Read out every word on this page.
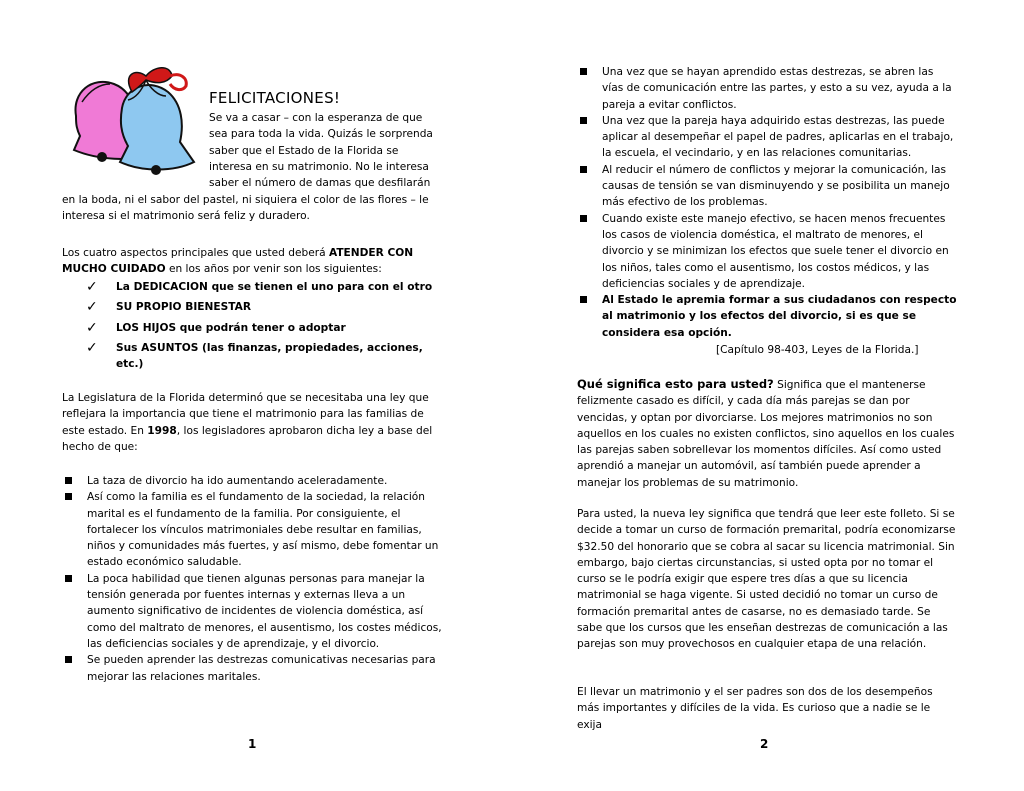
FELICITACIONES!

Se va a casar – con la esperanza de que sea para toda la vida. Quizás le sorprenda saber que el Estado de la Florida se interesa en su matrimonio. No le interesa saber el número de damas que desfilarán

en la boda, ni el sabor del pastel, ni siquiera el color de las flores – le interesa si el matrimonio será feliz y duradero.

Los cuatro aspectos principales que usted deberá ATENDER CON MUCHO CUIDADO en los años por venir son los siguientes:

✓ La DEDICACION que se tienen el uno para con el otro
✓ SU PROPIO BIENESTAR
✓ LOS HIJOS que podrán tener o adoptar
✓ Sus ASUNTOS (las finanzas, propiedades, acciones, etc.)

La Legislatura de la Florida determinó que se necesitaba una ley que reflejara la importancia que tiene el matrimonio para las familias de este estado. En 1998, los legisladores aprobaron dicha ley a base del hecho de que:

La taza de divorcio ha ido aumentando aceleradamente.
Así como la familia es el fundamento de la sociedad, la relación marital es el fundamento de la familia. Por consiguiente, el fortalecer los vínculos matrimoniales debe resultar en familias, niños y comunidades más fuertes, y así mismo, debe fomentar un estado económico saludable.
La poca habilidad que tienen algunas personas para manejar la tensión generada por fuentes internas y externas lleva a un aumento significativo de incidentes de violencia doméstica, así como del maltrato de menores, el ausentismo, los costes médicos, las deficiencias sociales y de aprendizaje, y el divorcio.
Se pueden aprender las destrezas comunicativas necesarias para mejorar las relaciones maritales.
1
Una vez que se hayan aprendido estas destrezas, se abren las vías de comunicación entre las partes, y esto a su vez, ayuda a la pareja a evitar conflictos.
Una vez que la pareja haya adquirido estas destrezas, las puede aplicar al desempeñar el papel de padres, aplicarlas en el trabajo, la escuela, el vecindario, y en las relaciones comunitarias.
Al reducir el número de conflictos y mejorar la comunicación, las causas de tensión se van disminuyendo y se posibilita un manejo más efectivo de los problemas.
Cuando existe este manejo efectivo, se hacen menos frecuentes los casos de violencia doméstica, el maltrato de menores, el divorcio y se minimizan los efectos que suele tener el divorcio en los niños, tales como el ausentismo, los costos médicos, y las deficiencias sociales y de aprendizaje.
Al Estado le apremia formar a sus ciudadanos con respecto al matrimonio y los efectos del divorcio, si es que se considera esa opción.
[Capítulo 98-403, Leyes de la Florida.]

Qué significa esto para usted? Significa que el mantenerse felizmente casado es difícil, y cada día más parejas se dan por vencidas, y optan por divorciarse. Los mejores matrimonios no son aquellos en los cuales no existen conflictos, sino aquellos en los cuales las parejas saben sobrellevar los momentos difíciles. Así como usted aprendió a manejar un automóvil, así también puede aprender a manejar los problemas de su matrimonio.

Para usted, la nueva ley significa que tendrá que leer este folleto. Si se decide a tomar un curso de formación premarital, podría economizarse $32.50 del honorario que se cobra al sacar su licencia matrimonial. Sin embargo, bajo ciertas circunstancias, si usted opta por no tomar el curso se le podría exigir que espere tres días a que su licencia matrimonial se haga vigente. Si usted decidió no tomar un curso de formación premarital antes de casarse, no es demasiado tarde. Se sabe que los cursos que les enseñan destrezas de comunicación a las parejas son muy provechosos en cualquier etapa de una relación.

El llevar un matrimonio y el ser padres son dos de los desempeños más importantes y difíciles de la vida. Es curioso que a nadie se le exija

2
